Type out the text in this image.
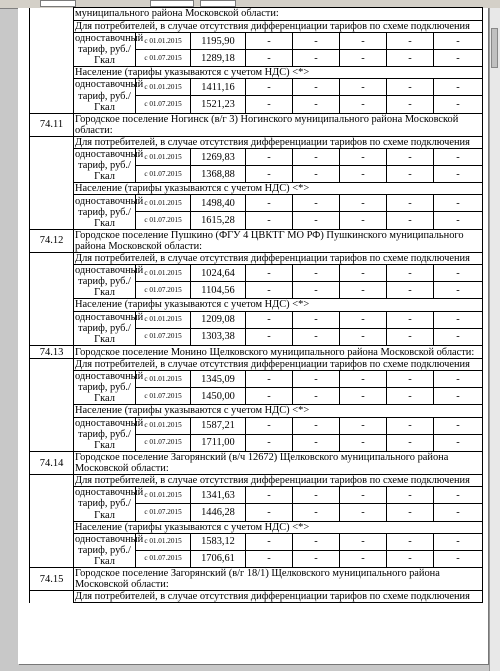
	муниципального района Московской области:							
	Для потребителей, в случае отсутствия дифференциации тарифов по схеме подключения							
	одноставочный тариф, руб./Гкал	с 01.01.2015	1195,90	-	-	-	-	-
		с 01.07.2015	1289,18	-	-	-	-	-
	Население (тарифы указываются с учетом НДС) <*>							
	одноставочный тариф, руб./Гкал	с 01.01.2015	1411,16	-	-	-	-	-
		с 01.07.2015	1521,23	-	-	-	-	-
74.11	Городское поселение Ногинск (в/г 3) Ногинского муниципального района Московской области:							
	Для потребителей, в случае отсутствия дифференциации тарифов по схеме подключения							
	одноставочный тариф, руб./Гкал	с 01.01.2015	1269,83	-	-	-	-	-
		с 01.07.2015	1368,88	-	-	-	-	-
	Население (тарифы указываются с учетом НДС) <*>							
	одноставочный тариф, руб./Гкал	с 01.01.2015	1498,40	-	-	-	-	-
		с 01.07.2015	1615,28	-	-	-	-	-
74.12	Городское поселение Пушкино (ФГУ 4 ЦВКТГ МО РФ) Пушкинского муниципального района Московской области:							
	Для потребителей, в случае отсутствия дифференциации тарифов по схеме подключения							
	одноставочный тариф, руб./Гкал	с 01.01.2015	1024,64	-	-	-	-	-
		с 01.07.2015	1104,56	-	-	-	-	-
	Население (тарифы указываются с учетом НДС) <*>							
	одноставочный тариф, руб./Гкал	с 01.01.2015	1209,08	-	-	-	-	-
		с 01.07.2015	1303,38	-	-	-	-	-
74.13	Городское поселение Монино Щелковского муниципального района Московской области:							
	Для потребителей, в случае отсутствия дифференциации тарифов по схеме подключения							
	одноставочный тариф, руб./Гкал	с 01.01.2015	1345,09	-	-	-	-	-
		с 01.07.2015	1450,00	-	-	-	-	-
	Население (тарифы указываются с учетом НДС) <*>							
	одноставочный тариф, руб./Гкал	с 01.01.2015	1587,21	-	-	-	-	-
		с 01.07.2015	1711,00	-	-	-	-	-
74.14	Городское поселение Загорянский (в/ч 12672) Щелковского муниципального района Московской области:							
	Для потребителей, в случае отсутствия дифференциации тарифов по схеме подключения							
	одноставочный тариф, руб./Гкал	с 01.01.2015	1341,63	-	-	-	-	-
		с 01.07.2015	1446,28	-	-	-	-	-
	Население (тарифы указываются с учетом НДС) <*>							
	одноставочный тариф, руб./Гкал	с 01.01.2015	1583,12	-	-	-	-	-
		с 01.07.2015	1706,61	-	-	-	-	-
74.15	Городское поселение Загорянский (в/г 18/1) Щелковского муниципального района Московской области:							
	Для потребителей, в случае отсутствия дифференциации тарифов по схеме подключения							
